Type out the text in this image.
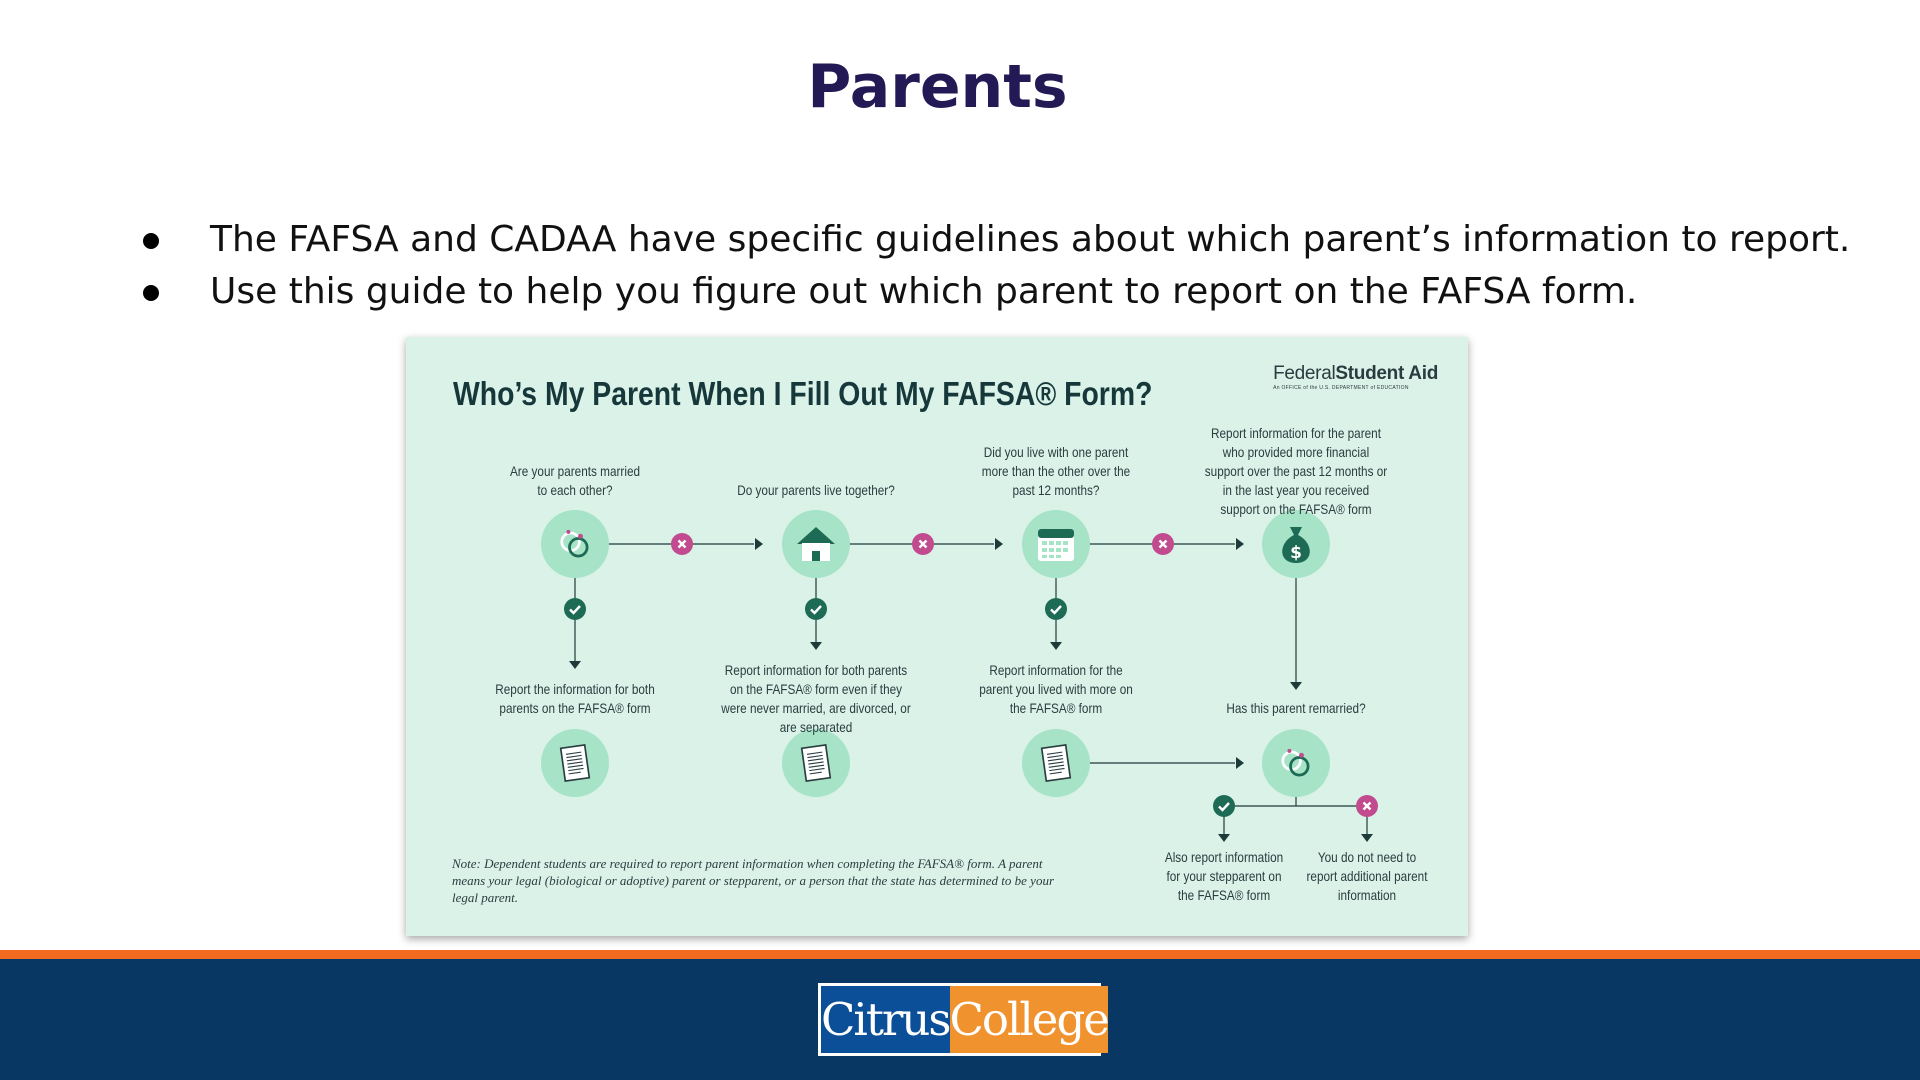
Parents
The FAFSA and CADAA have specific guidelines about which parent’s information to report.
Use this guide to help you figure out which parent to report on the FAFSA form.
$
Who’s My Parent When I Fill Out My FAFSA® Form?
FederalStudent Aid
An OFFICE of the U.S. DEPARTMENT of EDUCATION
Are your parents married to each other?	Do your parents live together?
Did you live with one parent more than the other over the past 12 months?
Report information for the parent who provided more financial support over the past 12 months or in the last year you received support on the FAFSA® form
Has this parent remarried?
Report the information for both parents on the FAFSA® form
Report information for both parents on the FAFSA® form even if they were never married, are divorced, or are separated
Report information for the parent you lived with more on the FAFSA® form
Also report information for your stepparent on the FAFSA® form
You do not need to report additional parent information
Note: Dependent students are required to report parent information when completing the FAFSA® form. A parent means your legal (biological or adoptive) parent or stepparent, or a person that the state has determined to be your legal parent.
Citrus College
